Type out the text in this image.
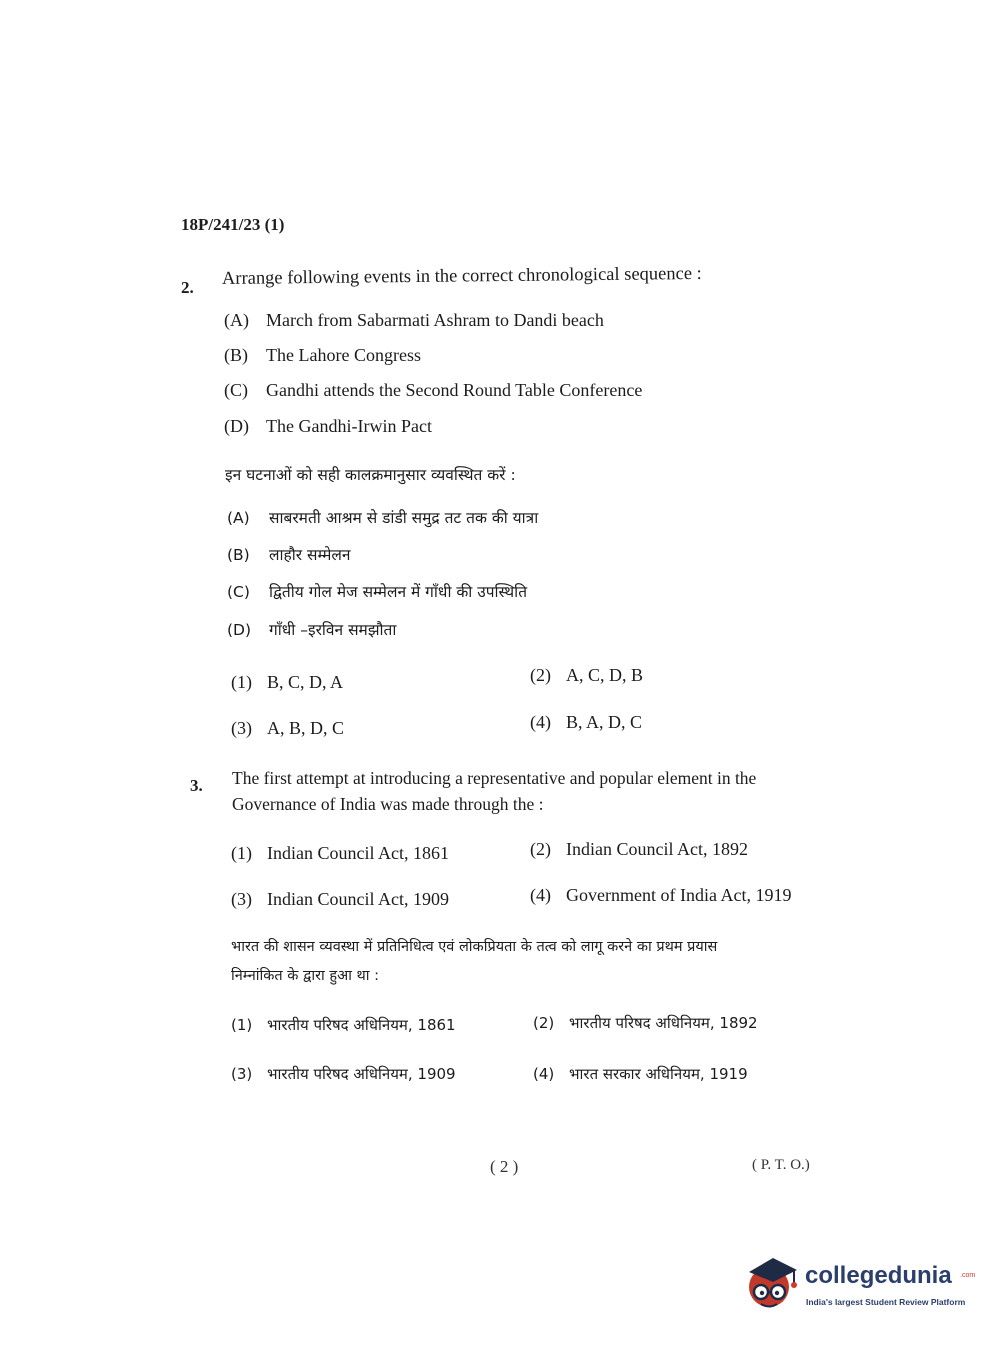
18P/241/23 (1)
2. Arrange following events in the correct chronological sequence :
(A) March from Sabarmati Ashram to Dandi beach
(B) The Lahore Congress
(C) Gandhi attends the Second Round Table Conference
(D) The Gandhi-Irwin Pact
इन घटनाओं को सही कालक्रमानुसार व्यवस्थित करें :
(A) साबरमती आश्रम से डांडी समुद्र तट तक की यात्रा
(B) लाहौर सम्मेलन
(C) द्वितीय गोल मेज सम्मेलन में गाँधी की उपस्थिति
(D) गाँधी –इरविन समझौता
(1) B, C, D, A	(2) A, C, D, B
(3) A, B, D, C	(4) B, A, D, C
3. The first attempt at introducing a representative and popular element in the
Governance of India was made through the :
(1) Indian Council Act, 1861	(2) Indian Council Act, 1892
(3) Indian Council Act, 1909	(4) Government of India Act, 1919
भारत की शासन व्यवस्था में प्रतिनिधित्व एवं लोकप्रियता के तत्व को लागू करने का प्रथम प्रयास
निम्नांकित के द्वारा हुआ था :
(1) भारतीय परिषद अधिनियम, 1861	(2) भारतीय परिषद अधिनियम, 1892
(3) भारतीय परिषद अधिनियम, 1909	(4) भारत सरकार अधिनियम, 1919
( 2 )	( P. T. O.)
collegedunia .com
India's largest Student Review Platform
